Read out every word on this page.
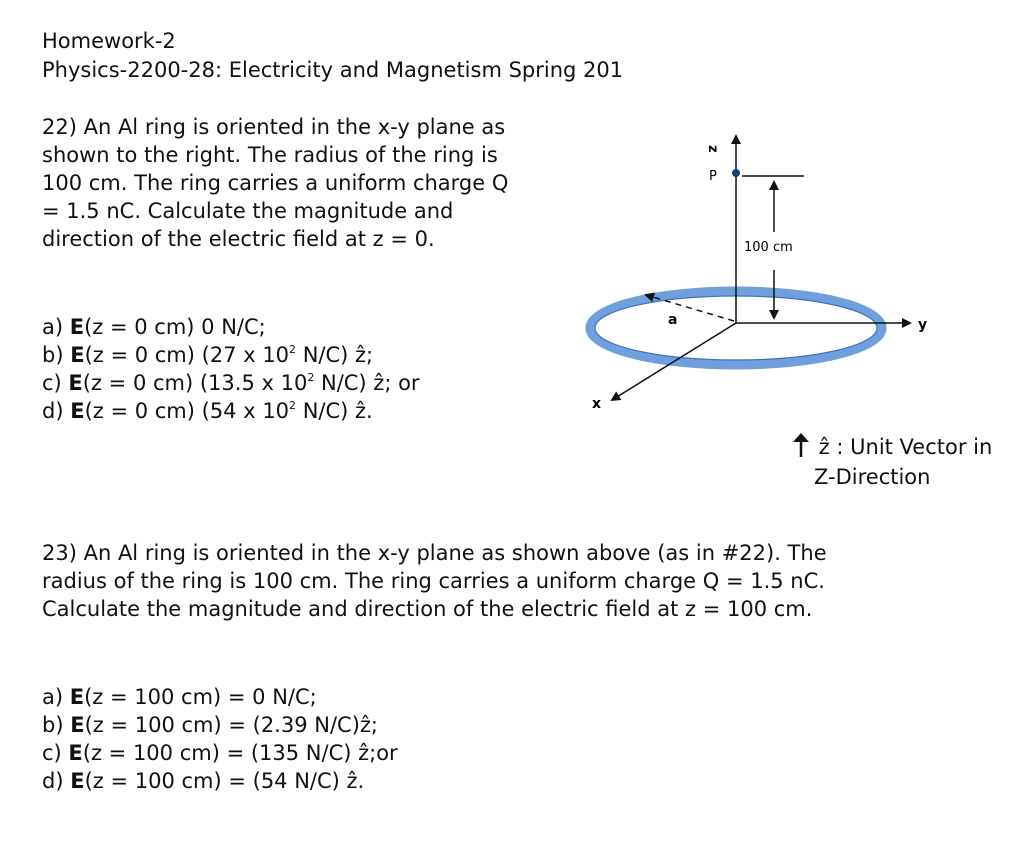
Homework-2
Physics-2200-28: Electricity and Magnetism Spring 201
22) An Al ring is oriented in the x-y plane as
shown to the right. The radius of the ring is
100 cm. The ring carries a uniform charge Q
= 1.5 nC. Calculate the magnitude and
direction of the electric field at z = 0.
a) E(z = 0 cm) 0 N/C;
b) E(z = 0 cm) (27 x $10^2$ N/C) ẑ;
c) E(z = 0 cm) (13.5 x $10^2$ N/C) ẑ; or
d) E(z = 0 cm) (54 x $10^2$ N/C) ẑ.
z
P
100 cm
a	y
x
ẑ : Unit Vector in
Z-Direction
23) An Al ring is oriented in the x-y plane as shown above (as in #22). The
radius of the ring is 100 cm. The ring carries a uniform charge Q = 1.5 nC.
Calculate the magnitude and direction of the electric field at z = 100 cm.
a) E(z = 100 cm) = 0 N/C;
b) E(z = 100 cm) = (2.39 N/C)ẑ;
c) E(z = 100 cm) = (135 N/C) ẑ;or
d) E(z = 100 cm) = (54 N/C) ẑ.
